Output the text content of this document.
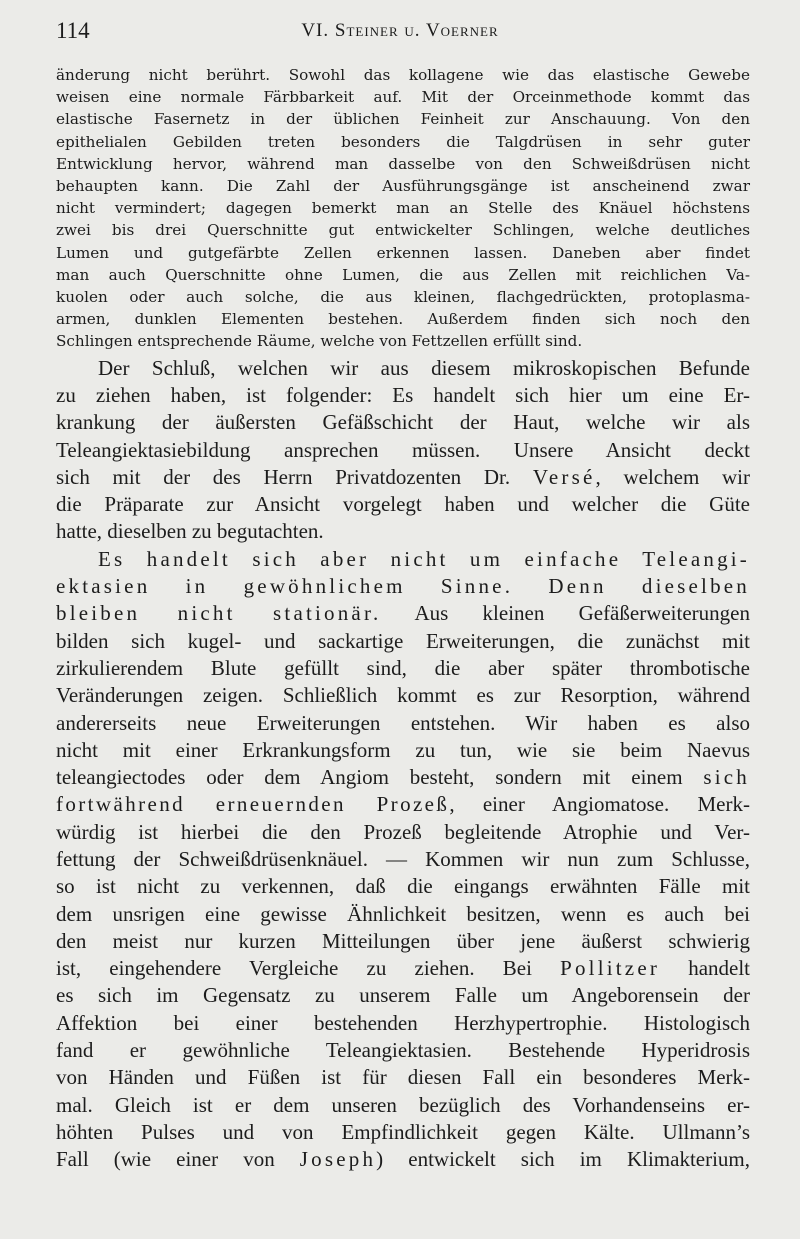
114	VI. Steiner u. Voerner

änderung nicht berührt. Sowohl das kollagene wie das elastische Gewebe
weisen eine normale Färbbarkeit auf. Mit der Orceinmethode kommt das
elastische Fasernetz in der üblichen Feinheit zur Anschauung. Von den
epithelialen Gebilden treten besonders die Talgdrüsen in sehr guter
Entwicklung hervor, während man dasselbe von den Schweißdrüsen nicht
behaupten kann. Die Zahl der Ausführungsgänge ist anscheinend zwar
nicht vermindert; dagegen bemerkt man an Stelle des Knäuel höchstens
zwei bis drei Querschnitte gut entwickelter Schlingen, welche deutliches
Lumen und gutgefärbte Zellen erkennen lassen. Daneben aber findet
man auch Querschnitte ohne Lumen, die aus Zellen mit reichlichen Va-
kuolen oder auch solche, die aus kleinen, flachgedrückten, protoplasma-
armen, dunklen Elementen bestehen. Außerdem finden sich noch den
Schlingen entsprechende Räume, welche von Fettzellen erfüllt sind.

Der Schluß, welchen wir aus diesem mikroskopischen Befunde
zu ziehen haben, ist folgender: Es handelt sich hier um eine Er-
krankung der äußersten Gefäßschicht der Haut, welche wir als
Teleangiektasiebildung ansprechen müssen. Unsere Ansicht deckt
sich mit der des Herrn Privatdozenten Dr. Versé, welchem wir
die Präparate zur Ansicht vorgelegt haben und welcher die Güte
hatte, dieselben zu begutachten.

Es handelt sich aber nicht um einfache Teleangi-
ektasien in gewöhnlichem Sinne. Denn dieselben
bleiben nicht stationär. Aus kleinen Gefäßerweiterungen
bilden sich kugel- und sackartige Erweiterungen, die zunächst mit
zirkulierendem Blute gefüllt sind, die aber später thrombotische
Veränderungen zeigen. Schließlich kommt es zur Resorption, während
andererseits neue Erweiterungen entstehen. Wir haben es also
nicht mit einer Erkrankungsform zu tun, wie sie beim Naevus
teleangiectodes oder dem Angiom besteht, sondern mit einem sich
fortwährend erneuernden Prozeß, einer Angiomatose. Merk-
würdig ist hierbei die den Prozeß begleitende Atrophie und Ver-
fettung der Schweißdrüsenknäuel. — Kommen wir nun zum Schlusse,
so ist nicht zu verkennen, daß die eingangs erwähnten Fälle mit
dem unsrigen eine gewisse Ähnlichkeit besitzen, wenn es auch bei
den meist nur kurzen Mitteilungen über jene äußerst schwierig
ist, eingehendere Vergleiche zu ziehen. Bei Pollitzer handelt
es sich im Gegensatz zu unserem Falle um Angeborensein der
Affektion bei einer bestehenden Herzhypertrophie. Histologisch
fand er gewöhnliche Teleangiektasien. Bestehende Hyperidrosis
von Händen und Füßen ist für diesen Fall ein besonderes Merk-
mal. Gleich ist er dem unseren bezüglich des Vorhandenseins er-
höhten Pulses und von Empfindlichkeit gegen Kälte. Ullmann’s
Fall (wie einer von Joseph) entwickelt sich im Klimakterium,
